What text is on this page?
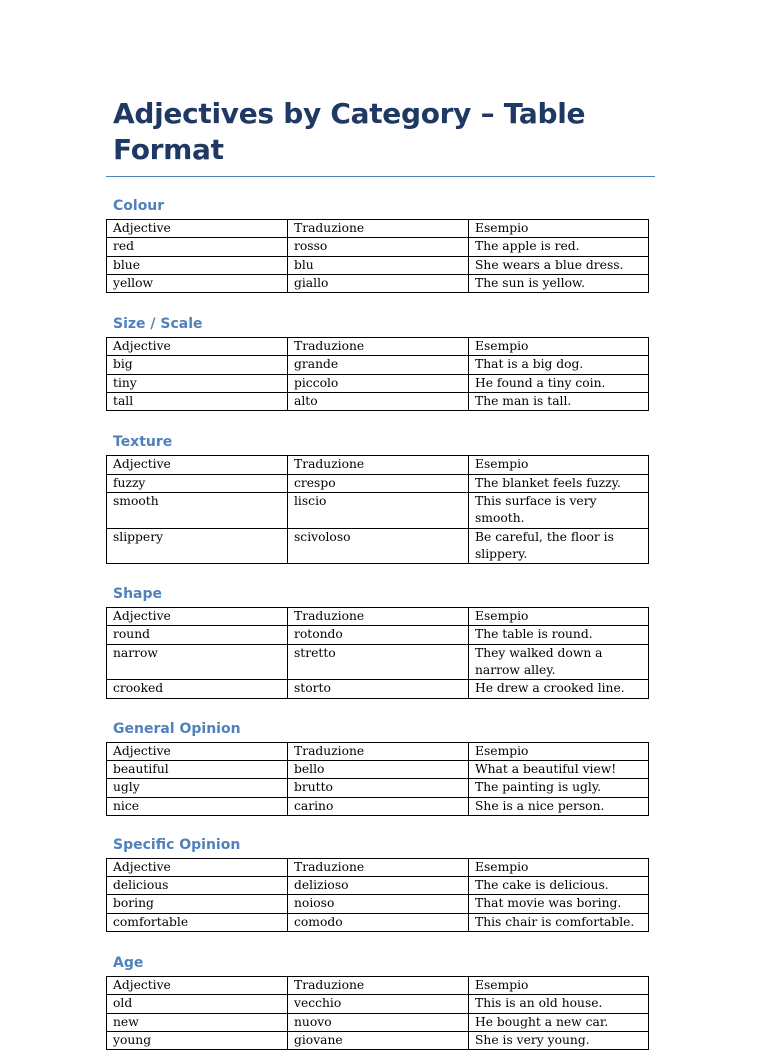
Adjectives by Category – Table Format
Colour
Adjective	Traduzione	Esempio
red	rosso	The apple is red.
blue	blu	She wears a blue dress.
yellow	giallo	The sun is yellow.
Size / Scale
Adjective	Traduzione	Esempio
big	grande	That is a big dog.
tiny	piccolo	He found a tiny coin.
tall	alto	The man is tall.
Texture
Adjective	Traduzione	Esempio
fuzzy	crespo	The blanket feels fuzzy.
smooth	liscio	This surface is very smooth.
slippery	scivoloso	Be careful, the floor is slippery.
Shape
Adjective	Traduzione	Esempio
round	rotondo	The table is round.
narrow	stretto	They walked down a narrow alley.
crooked	storto	He drew a crooked line.
General Opinion
Adjective	Traduzione	Esempio
beautiful	bello	What a beautiful view!
ugly	brutto	The painting is ugly.
nice	carino	She is a nice person.
Specific Opinion
Adjective	Traduzione	Esempio
delicious	delizioso	The cake is delicious.
boring	noioso	That movie was boring.
comfortable	comodo	This chair is comfortable.
Age
Adjective	Traduzione	Esempio
old	vecchio	This is an old house.
new	nuovo	He bought a new car.
young	giovane	She is very young.
